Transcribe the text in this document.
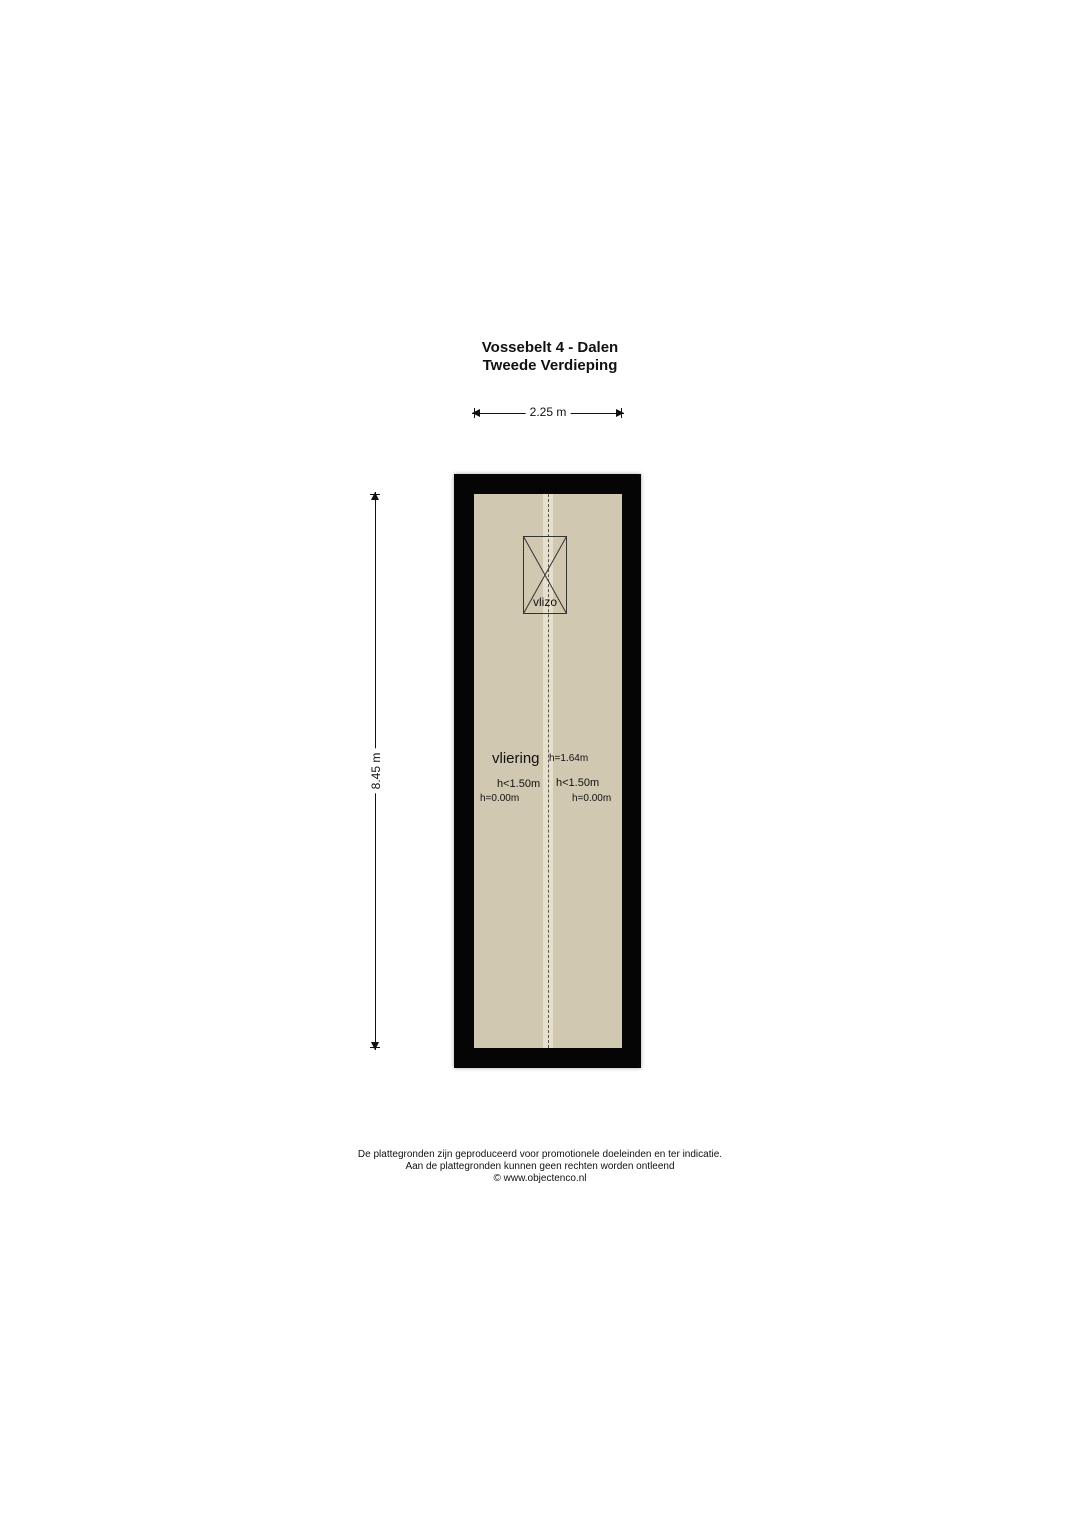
Vossebelt 4 - Dalen
Tweede Verdieping
2.25 m
8.45 m
vlizo
vliering h=1.64m
h<1.50m h<1.50m
h=0.00m	h=0.00m
De plattegronden zijn geproduceerd voor promotionele doeleinden en ter indicatie.
Aan de plattegronden kunnen geen rechten worden ontleend
© www.objectenco.nl
